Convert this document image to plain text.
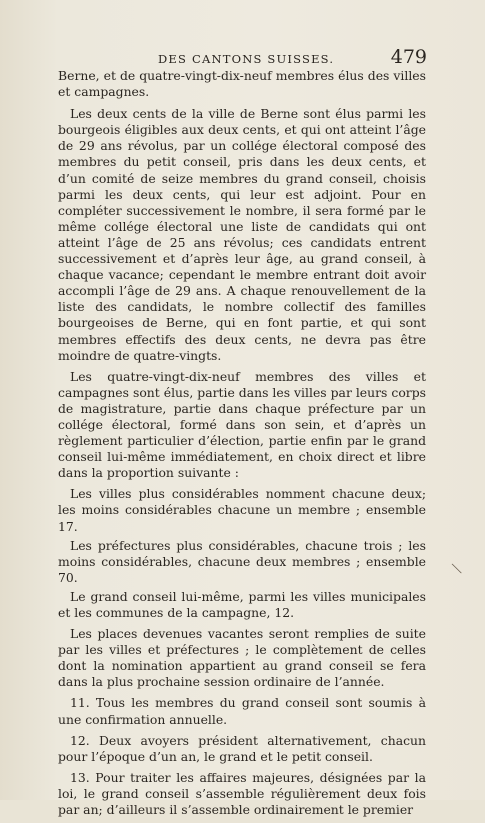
DES CANTONS SUISSES.	479

Berne, et de quatre-vingt-dix-neuf membres élus des villes et campagnes.

Les deux cents de la ville de Berne sont élus parmi les bourgeois éligibles aux deux cents, et qui ont atteint l’âge de 29 ans révolus, par un collége électoral composé des membres du petit conseil, pris dans les deux cents, et d’un comité de seize membres du grand conseil, choisis parmi les deux cents, qui leur est adjoint. Pour en compléter successivement le nombre, il sera formé par le même collége électoral une liste de candidats qui ont atteint l’âge de 25 ans révolus; ces candidats entrent successivement et d’après leur âge, au grand conseil, à chaque vacance; cependant le membre entrant doit avoir accompli l’âge de 29 ans. A chaque renouvellement de la liste des candidats, le nombre collectif des familles bourgeoises de Berne, qui en font partie, et qui sont membres effectifs des deux cents, ne devra pas être moindre de quatre-vingts.

Les quatre-vingt-dix-neuf membres des villes et campagnes sont élus, partie dans les villes par leurs corps de magistrature, partie dans chaque préfecture par un collége électoral, formé dans son sein, et d’après un règlement particulier d’élection, partie enfin par le grand conseil lui-même immédiatement, en choix direct et libre dans la proportion suivante :

Les villes plus considérables nomment chacune deux; les moins considérables chacune un membre ; ensemble 17.

Les préfectures plus considérables, chacune trois ; les moins considérables, chacune deux membres ; ensemble 70.

Le grand conseil lui-même, parmi les villes municipales et les communes de la campagne, 12.

Les places devenues vacantes seront remplies de suite par les villes et préfectures ; le complètement de celles dont la nomination appartient au grand conseil se fera dans la plus prochaine session ordinaire de l’année.

11. Tous les membres du grand conseil sont soumis à une confirmation annuelle.

12. Deux avoyers président alternativement, chacun pour l’époque d’un an, le grand et le petit conseil.

13. Pour traiter les affaires majeures, désignées par la loi, le grand conseil s’assemble régulièrement deux fois par an; d’ailleurs il s’assemble ordinairement le premier

╲
